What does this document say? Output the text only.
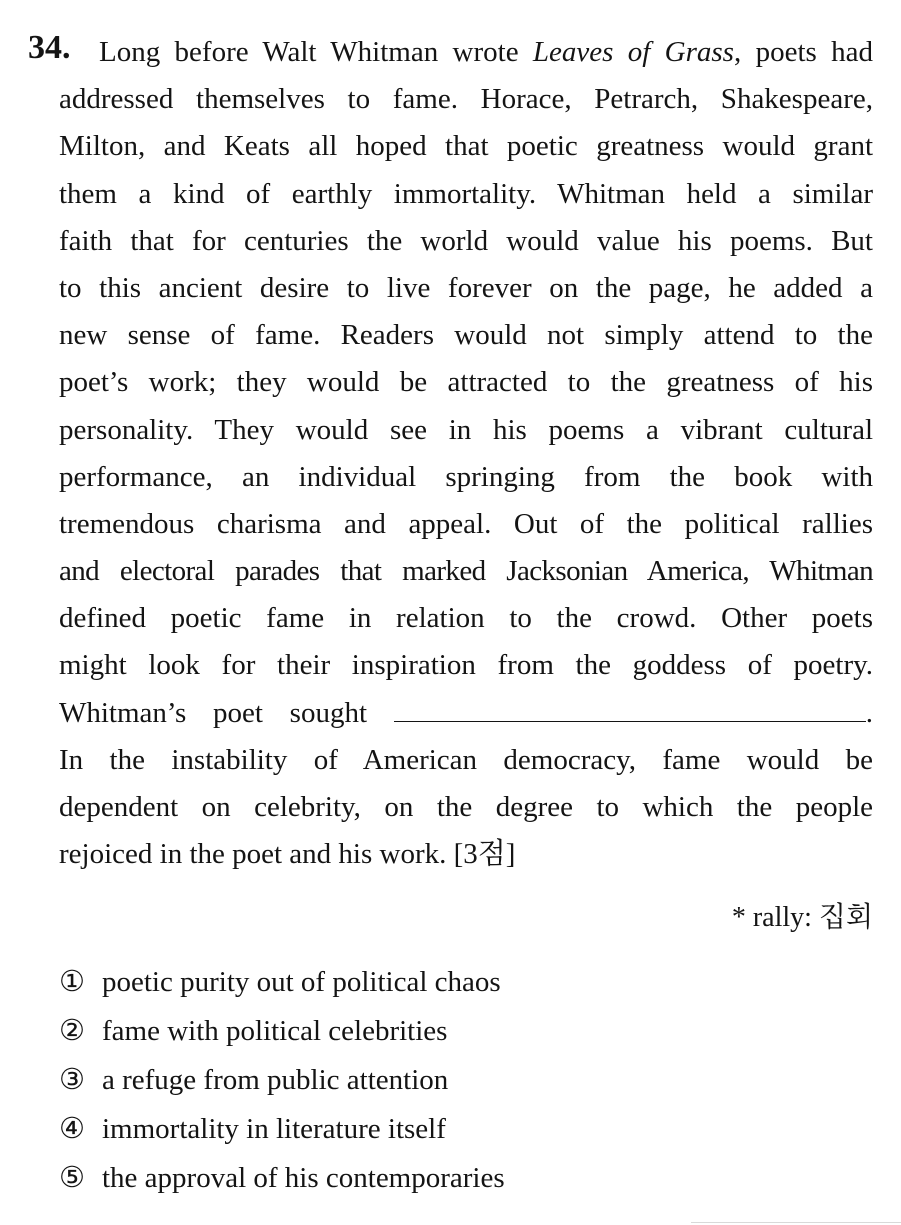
34. Long before Walt Whitman wrote Leaves of Grass, poets had
addressed themselves to fame. Horace, Petrarch, Shakespeare,
Milton, and Keats all hoped that poetic greatness would grant
them a kind of earthly immortality. Whitman held a similar
faith that for centuries the world would value his poems. But
to this ancient desire to live forever on the page, he added a
new sense of fame. Readers would not simply attend to the
poet’s work; they would be attracted to the greatness of his
personality. They would see in his poems a vibrant cultural
performance, an individual springing from the book with
tremendous charisma and appeal. Out of the political rallies
and electoral parades that marked Jacksonian America, Whitman
defined poetic fame in relation to the crowd. Other poets
might look for their inspiration from the goddess of poetry.
Whitman’s poet sought	.
In the instability of American democracy, fame would be
dependent on celebrity, on the degree to which the people
rejoiced in the poet and his work. [3점]
* rally: 집회
① poetic purity out of political chaos
② fame with political celebrities
③ a refuge from public attention
④ immortality in literature itself
⑤ the approval of his contemporaries
